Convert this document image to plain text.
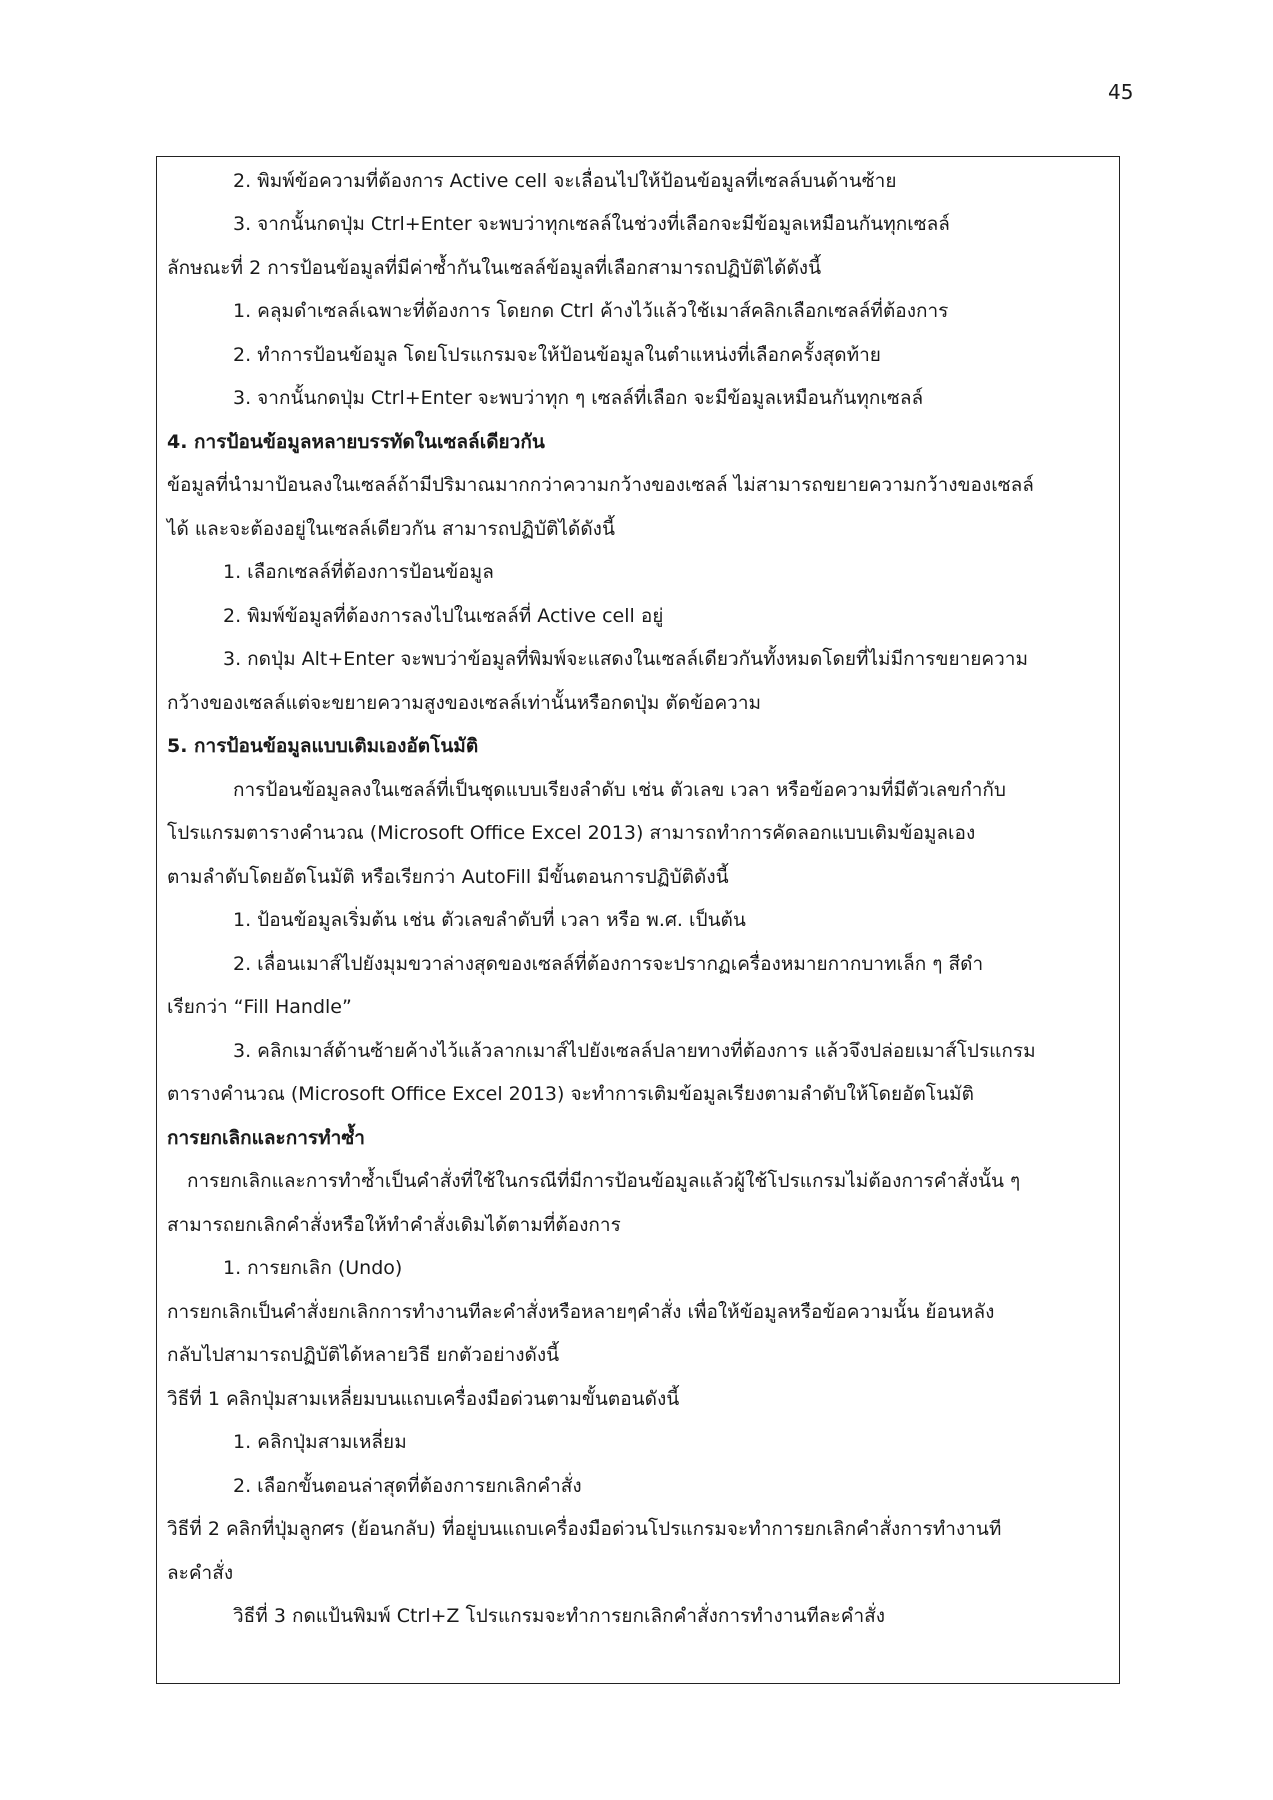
45
2. พิมพ์ข้อความที่ต้องการ Active cell จะเลื่อนไปให้ป้อนข้อมูลที่เซลล์บนด้านซ้าย
3. จากนั้นกดปุ่ม Ctrl+Enter จะพบว่าทุกเซลล์ในช่วงที่เลือกจะมีข้อมูลเหมือนกันทุกเซลล์
ลักษณะที่ 2 การป้อนข้อมูลที่มีค่าซ้ำกันในเซลล์ข้อมูลที่เลือกสามารถปฏิบัติได้ดังนี้
1. คลุมดำเซลล์เฉพาะที่ต้องการ โดยกด Ctrl ค้างไว้แล้วใช้เมาส์คลิกเลือกเซลล์ที่ต้องการ
2. ทำการป้อนข้อมูล โดยโปรแกรมจะให้ป้อนข้อมูลในตำแหน่งที่เลือกครั้งสุดท้าย
3. จากนั้นกดปุ่ม Ctrl+Enter จะพบว่าทุก ๆ เซลล์ที่เลือก จะมีข้อมูลเหมือนกันทุกเซลล์
4. การป้อนข้อมูลหลายบรรทัดในเซลล์เดียวกัน
ข้อมูลที่นำมาป้อนลงในเซลล์ถ้ามีปริมาณมากกว่าความกว้างของเซลล์ ไม่สามารถขยายความกว้างของเซลล์
ได้ และจะต้องอยู่ในเซลล์เดียวกัน สามารถปฏิบัติได้ดังนี้
1. เลือกเซลล์ที่ต้องการป้อนข้อมูล
2. พิมพ์ข้อมูลที่ต้องการลงไปในเซลล์ที่ Active cell อยู่
3. กดปุ่ม Alt+Enter จะพบว่าข้อมูลที่พิมพ์จะแสดงในเซลล์เดียวกันทั้งหมดโดยที่ไม่มีการขยายความ
กว้างของเซลล์แต่จะขยายความสูงของเซลล์เท่านั้นหรือกดปุ่ม ตัดข้อความ
5. การป้อนข้อมูลแบบเติมเองอัตโนมัติ
การป้อนข้อมูลลงในเซลล์ที่เป็นชุดแบบเรียงลำดับ เช่น ตัวเลข เวลา หรือข้อความที่มีตัวเลขกำกับ
โปรแกรมตารางคำนวณ (Microsoft Office Excel 2013) สามารถทำการคัดลอกแบบเติมข้อมูลเอง
ตามลำดับโดยอัตโนมัติ หรือเรียกว่า AutoFill มีขั้นตอนการปฏิบัติดังนี้
1. ป้อนข้อมูลเริ่มต้น เช่น ตัวเลขลำดับที่ เวลา หรือ พ.ศ. เป็นต้น
2. เลื่อนเมาส์ไปยังมุมขวาล่างสุดของเซลล์ที่ต้องการจะปรากฏเครื่องหมายกากบาทเล็ก ๆ สีดำ
เรียกว่า “Fill Handle”
3. คลิกเมาส์ด้านซ้ายค้างไว้แล้วลากเมาส์ไปยังเซลล์ปลายทางที่ต้องการ แล้วจึงปล่อยเมาส์โปรแกรม
ตารางคำนวณ (Microsoft Office Excel 2013) จะทำการเติมข้อมูลเรียงตามลำดับให้โดยอัตโนมัติ
การยกเลิกและการทำซ้ำ
การยกเลิกและการทำซ้ำเป็นคำสั่งที่ใช้ในกรณีที่มีการป้อนข้อมูลแล้วผู้ใช้โปรแกรมไม่ต้องการคำสั่งนั้น ๆ
สามารถยกเลิกคำสั่งหรือให้ทำคำสั่งเดิมได้ตามที่ต้องการ
1. การยกเลิก (Undo)
การยกเลิกเป็นคำสั่งยกเลิกการทำงานทีละคำสั่งหรือหลายๆคำสั่ง เพื่อให้ข้อมูลหรือข้อความนั้น ย้อนหลัง
กลับไปสามารถปฏิบัติได้หลายวิธี ยกตัวอย่างดังนี้
วิธีที่ 1 คลิกปุ่มสามเหลี่ยมบนแถบเครื่องมือด่วนตามขั้นตอนดังนี้
1. คลิกปุ่มสามเหลี่ยม
2. เลือกขั้นตอนล่าสุดที่ต้องการยกเลิกคำสั่ง
วิธีที่ 2 คลิกที่ปุ่มลูกศร (ย้อนกลับ) ที่อยู่บนแถบเครื่องมือด่วนโปรแกรมจะทำการยกเลิกคำสั่งการทำงานที
ละคำสั่ง
วิธีที่ 3 กดแป้นพิมพ์ Ctrl+Z โปรแกรมจะทำการยกเลิกคำสั่งการทำงานทีละคำสั่ง
